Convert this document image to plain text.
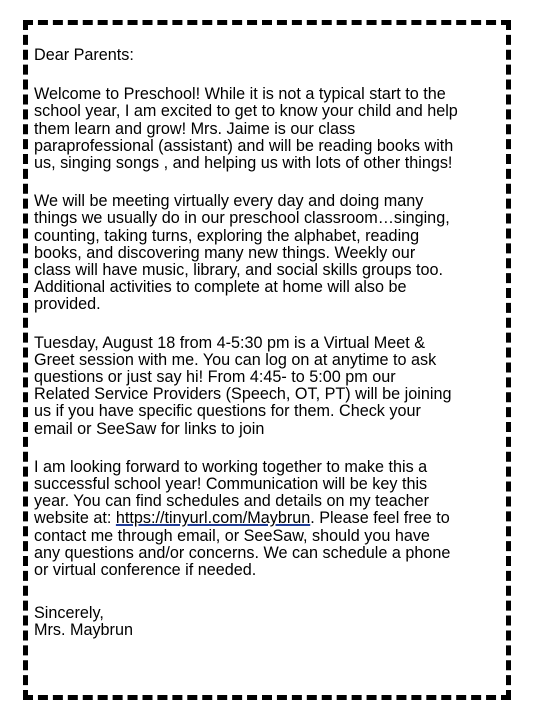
Dear Parents:

Welcome to Preschool! While it is not a typical start to the
school year, I am excited to get to know your child and help
them learn and grow! Mrs. Jaime is our class
paraprofessional (assistant) and will be reading books with
us, singing songs , and helping us with lots of other things!

We will be meeting virtually every day and doing many
things we usually do in our preschool classroom…singing,
counting, taking turns, exploring the alphabet, reading
books, and discovering many new things. Weekly our
class will have music, library, and social skills groups too.
Additional activities to complete at home will also be
provided.

Tuesday, August 18 from 4-5:30 pm is a Virtual Meet &
Greet session with me. You can log on at anytime to ask
questions or just say hi! From 4:45- to 5:00 pm our
Related Service Providers (Speech, OT, PT) will be joining
us if you have specific questions for them. Check your
email or SeeSaw for links to join

I am looking forward to working together to make this a
successful school year! Communication will be key this
year. You can find schedules and details on my teacher
website at: https://tinyurl.com/Maybrun. Please feel free to
contact me through email, or SeeSaw, should you have
any questions and/or concerns. We can schedule a phone
or virtual conference if needed.

Sincerely,

Mrs. Maybrun
